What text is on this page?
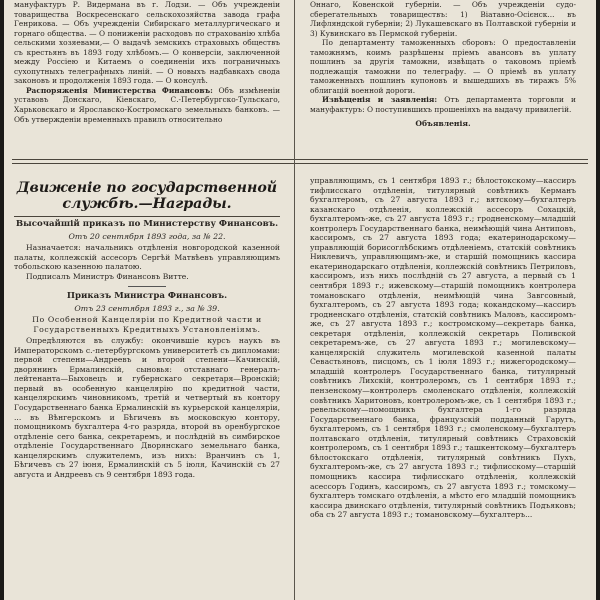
мануфактуръ Р. Видермана въ г. Лодзи. — Объ учрежденіи товарищества Воскресенскаго сельскохозяйства завода графа Генрикова. — Объ учрежденіи Сибирскаго металлургическаго и горнаго общества. — О пониженіи расходовъ по страхованію хлѣба сельскими хозяевами,— О выдачѣ земскихъ страховыхъ обществъ съ крестьянъ въ 1893 году хлѣбомъ.— О конверсіи, заключенной между Россіею и Китаемъ о соединеніи ихъ пограничныхъ сухопутныхъ телеграфныхъ линій. — О новыхъ надбавкахъ свода законовъ и продолженія 1893 года. — О консулѣ.

Распоряженія Министерства Финансовъ: Объ измѣненіи уставовъ Донскаго, Кіевскаго, С.-Петербургско-Тульскаго, Харьковскаго и Ярославско-Костромскаго земельныхъ банковъ. — Объ утвержденіи временныхъ правилъ относительно

Движеніе по государственной службѣ.—Награды.
Высочайшій приказъ по Министерству Финансовъ.
Отъ 20 сентября 1893 года, за № 22.

Назначается: начальникъ отдѣленія новгородской казенной палаты, коллежскій ассесоръ Сергѣй Матвѣевъ управляющимъ тобольскою казенною палатою.

Подписалъ Министръ Финансовъ Витте.

Приказъ Министра Финансовъ.
Отъ 23 сентября 1893 г., за № 39.
По Особенной Канцеляріи по Кредитной части и Государственныхъ Кредитныхъ Установленіямъ.

Опредѣляются въ службу: окончившіе курсъ наукъ въ Императорскомъ с.-петербургскомъ университетѣ съ дипломами: первой степени—Андреевъ и второй степени—Качинскій, дворянинъ Ермалинскій, сыновья: отставнаго генералъ-лейтенанта—Быховецъ и губернскаго секретаря—Вронскій; первый въ особенную канцелярію по кредитной части, канцелярскимъ чиновникомъ, третій и четвертый въ контору Государственнаго банка Ермалинскій въ курьерской канцеляріи, ... въ Вѣнгерскомъ и Бѣгичевъ въ московскую контору, помощникомъ бухгалтера 4-го разряда, второй въ оренбургское отдѣленіе сего банка, секретаремъ, и послѣдній въ симбирское отдѣленіе Государственнаго Дворянскаго земельнаго банка, канцелярскимъ служителемъ, изъ нихъ: Вранчинъ съ 1, Бѣгичевъ съ 27 іюня, Ермалинскій съ 5 іюля, Качинскій съ 27 августа и Андреевъ съ 9 сентября 1893 года.

Оннаго, Ковенской губерніи. — Объ учрежденіи судо-сберегательныхъ товариществъ: 1) Віатавно-Осієнск... въ Лифляндской губерніи; 2) Лукашевскаго въ Полтавской губерніи и 3) Кувинскаго въ Пермской губерніи.

По департаменту таможенныхъ сборовъ: О предоставленіи таможнямъ, коимъ разрѣшены пріемъ авансовъ въ уплату пошлинъ за другія таможни, извѣщать о таковомъ пріемѣ подлежащія таможни по телеграфу. — О пріемѣ въ уплату таможенныхъ пошлинъ купоновъ и вышедшихъ въ тиражъ 5% облигацій военной дороги.

Извѣщенія и заявленія: Отъ департамента торговли и мануфактуръ: О поступившихъ прошеніяхъ на выдачу привилегій.

Объявленія.

управляющимъ, съ 1 сентября 1893 г.; бѣлостокскому—кассиръ тифлисскаго отдѣленія, титулярный совѣтникъ Керманъ бухгалтеромъ, съ 27 августа 1893 г.; вятскому—бухгалтеръ казанскаго отдѣленія, коллежскій ассесоръ Сохацкій, бухгалтеромъ-же, съ 27 августа 1893 г.; гродненскому—младшій контролеръ Государственнаго банка, неимѣющій чина Антиповъ, кассиромъ, съ 27 августа 1893 года; екатеринодарскому—управляющій борисоглѣбскимъ отдѣленіемъ, статскій совѣтникъ Никлевичъ, управляющимъ-же, и старшій помощникъ кассира екатеринодарскаго отдѣленія, коллежскій совѣтникъ Петриловъ, кассиромъ, изъ нихъ послѣдній съ 27 августа, а первый съ 1 сентября 1893 г.; ижевскому—старшій помощникъ контролера томановскаго отдѣленія, неимѣющій чина Завгсовный, бухгалтеромъ, съ 27 августа 1893 года; кокандскому—кассиръ гродненскаго отдѣленія, статскій совѣтникъ Маловъ, кассиромъ-же, съ 27 августа 1893 г.; костромскому—секретарь банка, секретаря отдѣленія, коллежскій секретарь Поливской секретаремъ-же, съ 27 августа 1893 г.; могилевскому—канцелярскій служитель могилевской казенной палаты Севастьяновъ, писцомъ, съ 1 іюля 1893 г.; нижегородскому—младшій контролеръ Государственнаго банка, титулярный совѣтникъ Лихскій, контролеромъ, съ 1 сентября 1893 г.; пензенскому—контролеръ смоленскаго отдѣленія, коллежскій совѣтникъ Харитоновъ, контролеромъ-же, съ 1 сентября 1893 г.; ревельскому—помощникъ бухгалтера 1-го разряда Государственнаго банка, французскій подданный Гарутъ, бухгалтеромъ, съ 1 сентября 1893 г.; смоленскому—бухгалтеръ полтавскаго отдѣленія, титулярный совѣтникъ Страховскій контролеромъ, съ 1 сентября 1893 г.; ташкентскому—бухгалтеръ бѣлостокскаго отдѣленія, титулярный совѣтникъ Пухъ, бухгалтеромъ-же, съ 27 августа 1893 г.; тифлисскому—старшій помощникъ кассира тифлисскаго отдѣленія, коллежскій асессоръ Годинъ, кассиромъ, съ 27 августа 1893 г.; томскому—бухгалтеръ томскаго отдѣленія, а мѣсто его младшій помощникъ кассира двинскаго отдѣленія, титулярный совѣтникъ Подъяковъ; оба съ 27 августа 1893 г.; томановскому—бухгалтеръ...
